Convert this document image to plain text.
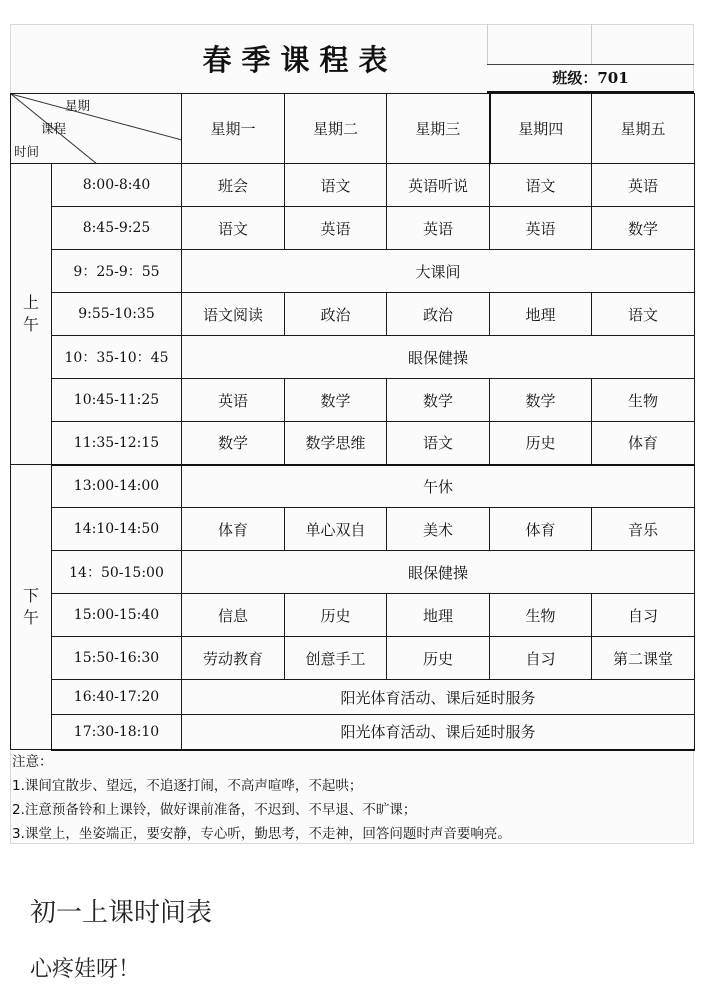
春季课程表
班级：701
星期
课程
时间		星期一	星期二	星期三	星期四	星期五
上
午	8:00-8:40	班会	语文	英语听说	语文	英语
	8:45-9:25	语文	英语	英语	英语	数学
	9：25-9：55	大课间				
	9:55-10:35	语文阅读	政治	政治	地理	语文
	10：35-10：45	眼保健操				
	10:45-11:25	英语	数学	数学	数学	生物
	11:35-12:15	数学	数学思维	语文	历史	体育
下
午	13:00-14:00	午休				
	14:10-14:50	体育	单心双自	美术	体育	音乐
	14：50-15:00	眼保健操				
	15:00-15:40	信息	历史	地理	生物	自习
	15:50-16:30	劳动教育	创意手工	历史	自习	第二课堂
	16:40-17:20	阳光体育活动、课后延时服务				
	17:30-18:10	阳光体育活动、课后延时服务				
注意：
1.课间宜散步、望远，不追逐打闹，不高声喧哗，不起哄；
2.注意预备铃和上课铃，做好课前准备，不迟到、不早退、不旷课；
3.课堂上，坐姿端正，要安静，专心听，勤思考，不走神，回答问题时声音要响亮。
初一上课时间表
心疼娃呀！
